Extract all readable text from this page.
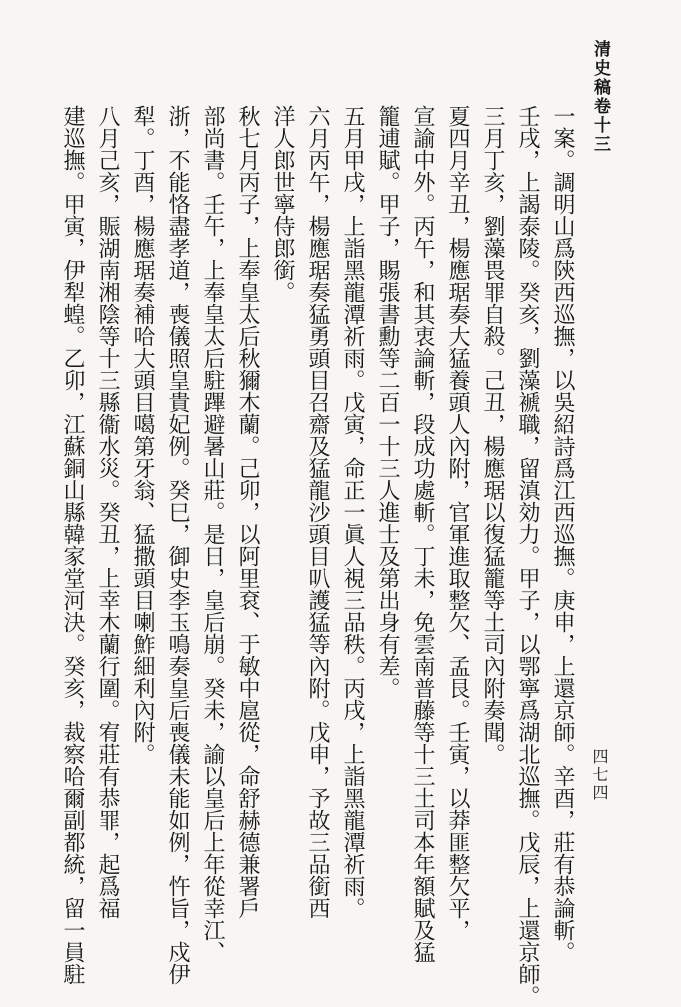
清史稿卷十三
四七四
一案。調明山爲陝西巡撫，以吳紹詩爲江西巡撫。庚申，上還京師。辛酉，莊有恭論斬。
壬戌，上謁泰陵。癸亥，劉藻褫職，留滇効力。甲子，以鄂寧爲湖北巡撫。戊辰，上還京師。
三月丁亥，劉藻畏罪自殺。己丑，楊應琚以復猛籠等土司內附奏聞。
夏四月辛丑，楊應琚奏大猛養頭人內附，官軍進取整欠、孟艮。壬寅，以莽匪整欠平，
宣諭中外。丙午，和其衷論斬，段成功處斬。丁未，免雲南普藤等十三土司本年額賦及猛
籠逋賦。甲子，賜張書勳等二百一十三人進士及第出身有差。
五月甲戌，上詣黑龍潭祈雨。戊寅，命正一眞人視三品秩。丙戌，上詣黑龍潭祈雨。
六月丙午，楊應琚奏猛勇頭目召齋及猛龍沙頭目叭護猛等內附。戊申，予故三品銜西
洋人郎世寧侍郎銜。
秋七月丙子，上奉皇太后秋獮木蘭。己卯，以阿里袞、于敏中扈從，命舒赫德兼署戶
部尚書。壬午，上奉皇太后駐蹕避暑山莊。是日，皇后崩。癸未，諭以皇后上年從幸江、
浙，不能恪盡孝道，喪儀照皇貴妃例。癸巳，御史李玉鳴奏皇后喪儀未能如例，忤旨，戍伊
犁。丁酉，楊應琚奏補哈大頭目噶第牙翁、猛撒頭目喇鮓細利內附。
八月己亥，賑湖南湘陰等十三縣衞水災。癸丑，上幸木蘭行圍。宥莊有恭罪，起爲福
建巡撫。甲寅，伊犁蝗。乙卯，江蘇銅山縣韓家堂河決。癸亥，裁察哈爾副都統，留一員駐
